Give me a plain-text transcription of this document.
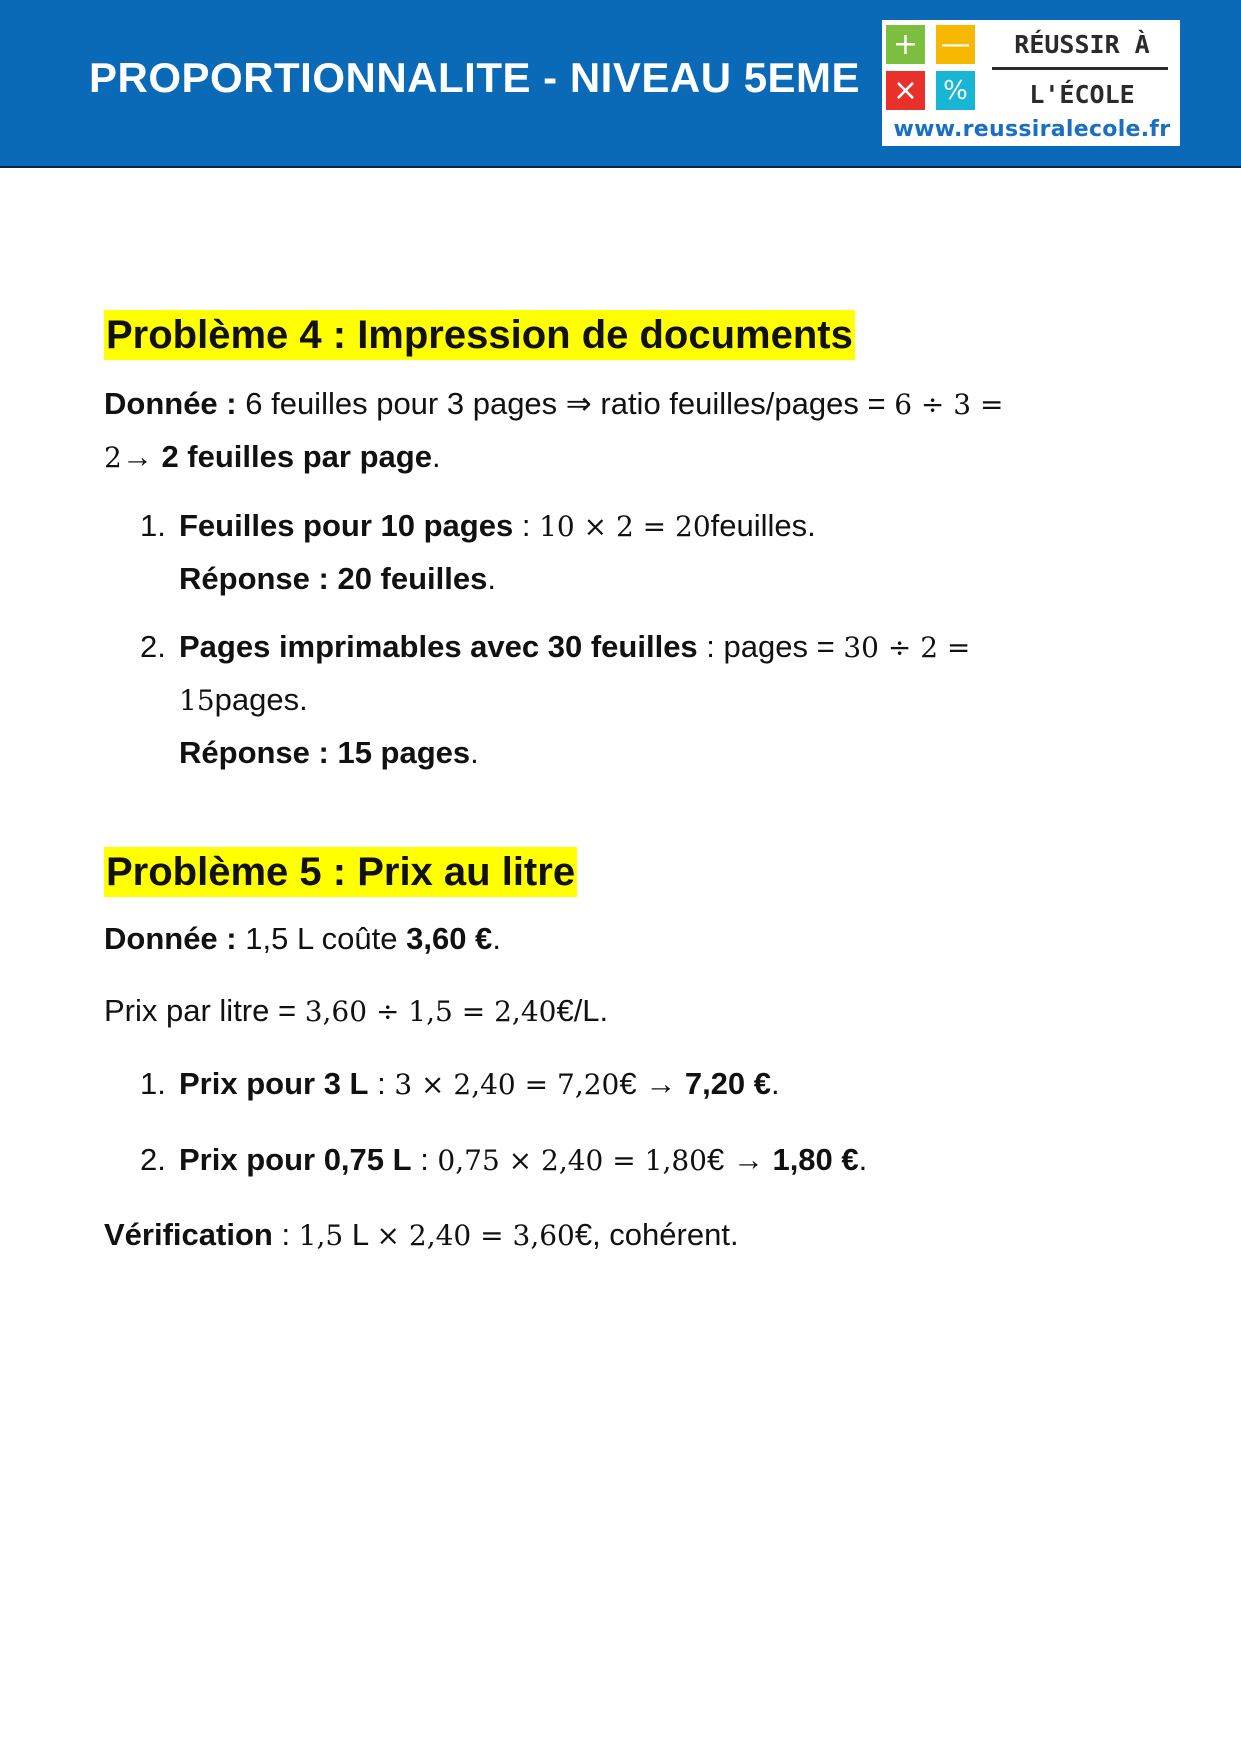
PROPORTIONNALITE - NIVEAU 5EME
+ —
× %
RÉUSSIR À
L'ÉCOLE
www.reussiralecole.fr
Problème 4 : Impression de documents

Donnée : 6 feuilles pour 3 pages ⇒ ratio feuilles/pages = 6 ÷ 3 =
2→ 2 feuilles par page.

1. Feuilles pour 10 pages : 10 × 2 = 20feuilles.
Réponse : 20 feuilles.
2. Pages imprimables avec 30 feuilles : pages = 30 ÷ 2 =
15pages.
Réponse : 15 pages.
Problème 5 : Prix au litre

Donnée : 1,5 L coûte 3,60 €.

Prix par litre = 3,60 ÷ 1,5 = 2,40€/L.

1. Prix pour 3 L : 3 × 2,40 = 7,20€ → 7,20 €.
2. Prix pour 0,75 L : 0,75 × 2,40 = 1,80€ → 1,80 €.

Vérification : 1,5 L × 2,40 = 3,60€, cohérent.
